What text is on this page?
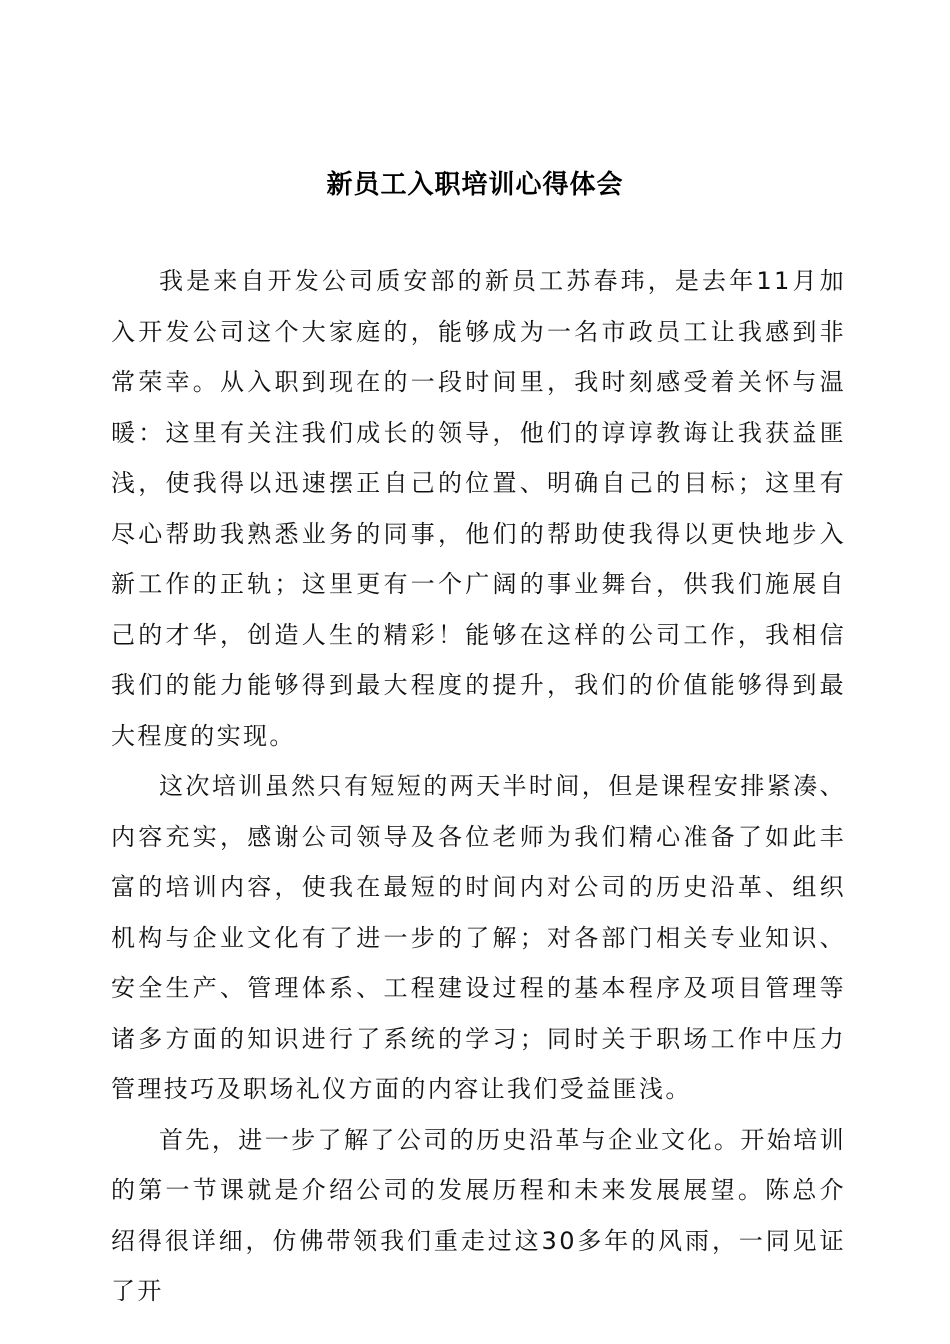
新员工入职培训心得体会

我是来自开发公司质安部的新员工苏春玮，是去年11月加入开发公司这个大家庭的，能够成为一名市政员工让我感到非常荣幸。从入职到现在的一段时间里，我时刻感受着关怀与温暖：这里有关注我们成长的领导，他们的谆谆教诲让我获益匪浅，使我得以迅速摆正自己的位置、明确自己的目标；这里有尽心帮助我熟悉业务的同事，他们的帮助使我得以更快地步入新工作的正轨；这里更有一个广阔的事业舞台，供我们施展自己的才华，创造人生的精彩！能够在这样的公司工作，我相信我们的能力能够得到最大程度的提升，我们的价值能够得到最大程度的实现。

这次培训虽然只有短短的两天半时间，但是课程安排紧凑、内容充实，感谢公司领导及各位老师为我们精心准备了如此丰富的培训内容，使我在最短的时间内对公司的历史沿革、组织机构与企业文化有了进一步的了解；对各部门相关专业知识、安全生产、管理体系、工程建设过程的基本程序及项目管理等诸多方面的知识进行了系统的学习；同时关于职场工作中压力管理技巧及职场礼仪方面的内容让我们受益匪浅。

首先，进一步了解了公司的历史沿革与企业文化。开始培训的第一节课就是介绍公司的发展历程和未来发展展望。陈总介绍得很详细，仿佛带领我们重走过这30多年的风雨，一同见证了开
